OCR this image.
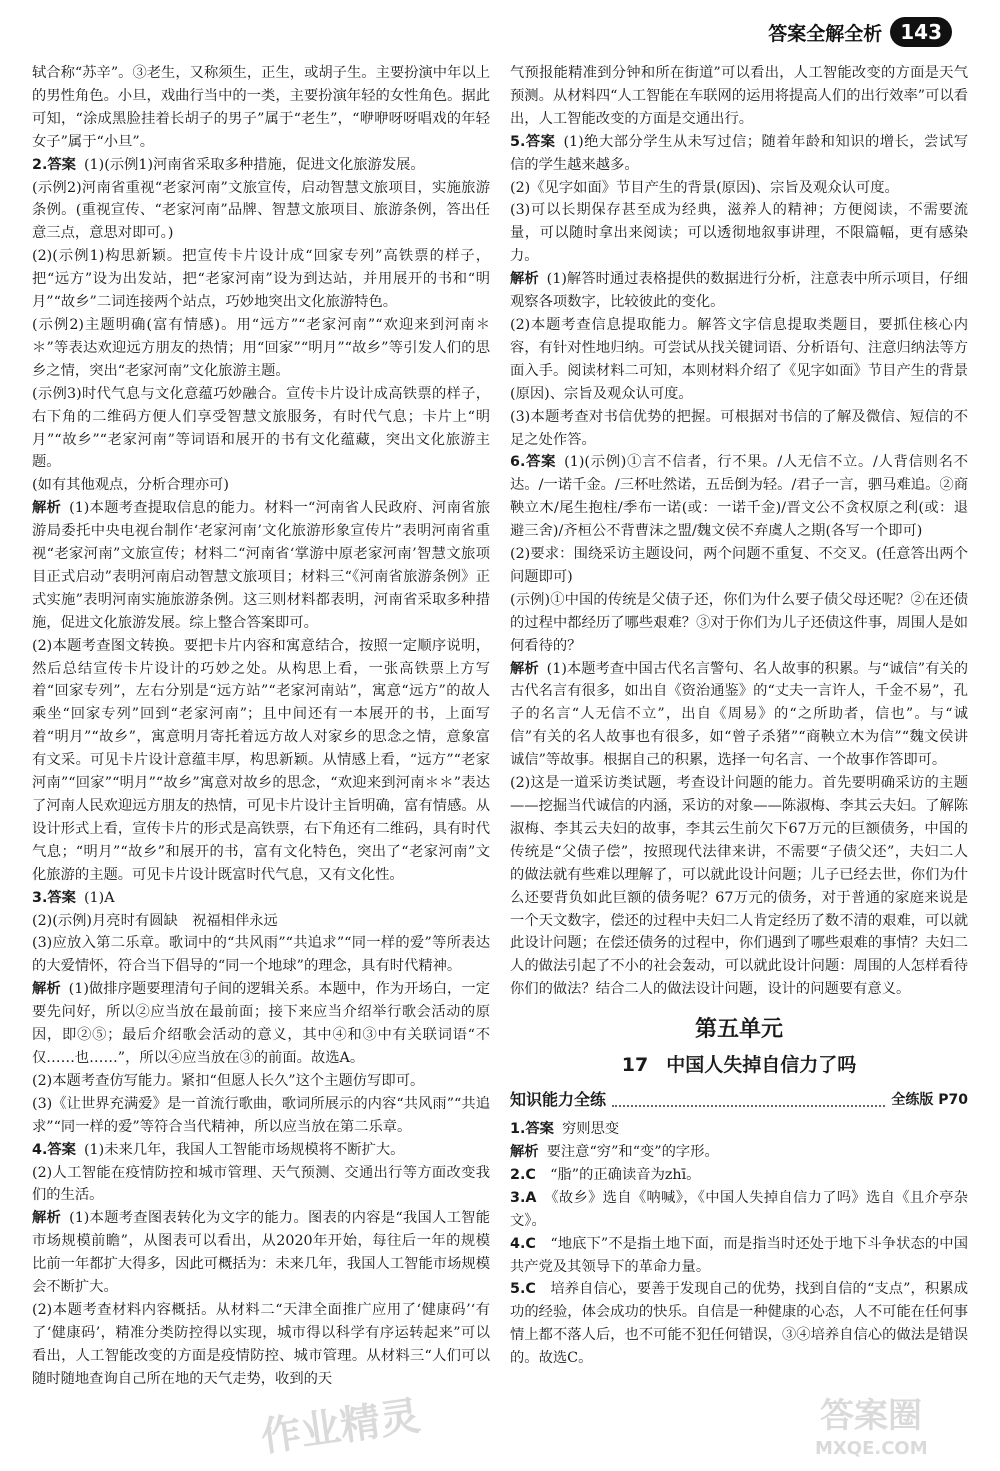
答案全解全析 143

轼合称“苏辛”。③老生，又称须生，正生，或胡子生。主要扮演中年以上的男性角色。小旦，戏曲行当中的一类，主要扮演年轻的女性角色。据此可知，“涂成黑脸挂着长胡子的男子”属于“老生”，“咿咿呀呀唱戏的年轻女子”属于“小旦”。

2.答案 (1)(示例1)河南省采取多种措施，促进文化旅游发展。

(示例2)河南省重视“老家河南”文旅宣传，启动智慧文旅项目，实施旅游条例。(重视宣传、“老家河南”品牌、智慧文旅项目、旅游条例，答出任意三点，意思对即可。)

(2)(示例1)构思新颖。把宣传卡片设计成“回家专列”高铁票的样子，把“远方”设为出发站，把“老家河南”设为到达站，并用展开的书和“明月”“故乡”二词连接两个站点，巧妙地突出文化旅游特色。

(示例2)主题明确(富有情感)。用“远方”“老家河南”“欢迎来到河南＊＊”等表达欢迎远方朋友的热情；用“回家”“明月”“故乡”等引发人们的思乡之情，突出“老家河南”文化旅游主题。

(示例3)时代气息与文化意蕴巧妙融合。宣传卡片设计成高铁票的样子，右下角的二维码方便人们享受智慧文旅服务，有时代气息；卡片上“明月”“故乡”“老家河南”等词语和展开的书有文化蕴藏，突出文化旅游主题。

(如有其他观点，分析合理亦可)

解析 (1)本题考查提取信息的能力。材料一“河南省人民政府、河南省旅游局委托中央电视台制作‘老家河南’文化旅游形象宣传片”表明河南省重视“老家河南”文旅宣传；材料二“河南省‘掌游中原老家河南’智慧文旅项目正式启动”表明河南启动智慧文旅项目；材料三“《河南省旅游条例》正式实施”表明河南实施旅游条例。这三则材料都表明，河南省采取多种措施，促进文化旅游发展。综上整合答案即可。

(2)本题考查图文转换。要把卡片内容和寓意结合，按照一定顺序说明，然后总结宣传卡片设计的巧妙之处。从构思上看，一张高铁票上方写着“回家专列”，左右分别是“远方站”“老家河南站”，寓意“远方”的故人乘坐“回家专列”回到“老家河南”；且中间还有一本展开的书，上面写着“明月”“故乡”，寓意明月寄托着远方故人对家乡的思念之情，意象富有文采。可见卡片设计意蕴丰厚，构思新颖。从情感上看，“远方”“老家河南”“回家”“明月”“故乡”寓意对故乡的思念，“欢迎来到河南＊＊”表达了河南人民欢迎远方朋友的热情，可见卡片设计主旨明确，富有情感。从设计形式上看，宣传卡片的形式是高铁票，右下角还有二维码，具有时代气息；“明月”“故乡”和展开的书，富有文化特色，突出了“老家河南”文化旅游的主题。可见卡片设计既富时代气息，又有文化性。

3.答案 (1)A

(2)(示例)月亮时有圆缺　祝福相伴永远

(3)应放入第二乐章。歌词中的“共风雨”“共追求”“同一样的爱”等所表达的大爱情怀，符合当下倡导的“同一个地球”的理念，具有时代精神。

解析 (1)做排序题要理清句子间的逻辑关系。本题中，作为开场白，一定要先问好，所以②应当放在最前面；接下来应当介绍举行歌会活动的原因，即②⑤；最后介绍歌会活动的意义，其中④和③中有关联词语“不仅……也……”，所以④应当放在③的前面。故选A。

(2)本题考查仿写能力。紧扣“但愿人长久”这个主题仿写即可。

(3)《让世界充满爱》是一首流行歌曲，歌词所展示的内容“共风雨”“共追求”“同一样的爱”等符合当代精神，所以应当放在第二乐章。

4.答案 (1)未来几年，我国人工智能市场规模将不断扩大。

(2)人工智能在疫情防控和城市管理、天气预测、交通出行等方面改变我们的生活。

解析 (1)本题考查图表转化为文字的能力。图表的内容是“我国人工智能市场规模前瞻”，从图表可以看出，从2020年开始，每往后一年的规模比前一年都扩大得多，因此可概括为：未来几年，我国人工智能市场规模会不断扩大。

(2)本题考查材料内容概括。从材料二“天津全面推广应用了‘健康码’‘有了‘健康码’，精准分类防控得以实现，城市得以科学有序运转起来”可以看出，人工智能改变的方面是疫情防控、城市管理。从材料三“人们可以随时随地查询自己所在地的天气走势，收到的天

气预报能精准到分钟和所在街道”可以看出，人工智能改变的方面是天气预测。从材料四“人工智能在车联网的运用将提高人们的出行效率”可以看出，人工智能改变的方面是交通出行。

5.答案 (1)绝大部分学生从未写过信；随着年龄和知识的增长，尝试写信的学生越来越多。

(2)《见字如面》节目产生的背景(原因)、宗旨及观众认可度。

(3)可以长期保存甚至成为经典，滋养人的精神；方便阅读，不需要流量，可以随时拿出来阅读；可以透彻地叙事讲理，不限篇幅，更有感染力。

解析 (1)解答时通过表格提供的数据进行分析，注意表中所示项目，仔细观察各项数字，比较彼此的变化。

(2)本题考查信息提取能力。解答文字信息提取类题目，要抓住核心内容，有针对性地归纳。可尝试从找关键词语、分析语句、注意归纳法等方面入手。阅读材料二可知，本则材料介绍了《见字如面》节目产生的背景(原因)、宗旨及观众认可度。

(3)本题考查对书信优势的把握。可根据对书信的了解及微信、短信的不足之处作答。

6.答案 (1)(示例)①言不信者，行不果。/人无信不立。/人背信则名不达。/一诺千金。/三杯吐然诺，五岳倒为轻。/君子一言，驷马难追。②商鞅立木/尾生抱柱/季布一诺(或：一诺千金)/晋文公不贪权原之利(或：退避三舍)/齐桓公不背曹沫之盟/魏文侯不弃虞人之期(各写一个即可)

(2)要求：围绕采访主题设问，两个问题不重复、不交叉。(任意答出两个问题即可)

(示例)①中国的传统是父债子还，你们为什么要子债父母还呢？②在还债的过程中都经历了哪些艰难？③对于你们为儿子还债这件事，周围人是如何看待的？

解析 (1)本题考查中国古代名言警句、名人故事的积累。与“诚信”有关的古代名言有很多，如出自《资治通鉴》的“丈夫一言许人，千金不易”，孔子的名言“人无信不立”，出自《周易》的“之所助者，信也”。与“诚信”有关的名人故事也有很多，如“曾子杀猪”“商鞅立木为信”“魏文侯讲诚信”等故事。根据自己的积累，选择一句名言、一个故事作答即可。

(2)这是一道采访类试题，考查设计问题的能力。首先要明确采访的主题——挖掘当代诚信的内涵，采访的对象——陈淑梅、李其云夫妇。了解陈淑梅、李其云夫妇的故事，李其云生前欠下67万元的巨额债务，中国的传统是“父债子偿”，按照现代法律来讲，不需要“子债父还”，夫妇二人的做法就有些难以理解了，可以就此设计问题；儿子已经去世，你们为什么还要背负如此巨额的债务呢？67万元的债务，对于普通的家庭来说是一个天文数字，偿还的过程中夫妇二人肯定经历了数不清的艰难，可以就此设计问题；在偿还债务的过程中，你们遇到了哪些艰难的事情？夫妇二人的做法引起了不小的社会轰动，可以就此设计问题：周围的人怎样看待你们的做法？结合二人的做法设计问题，设计的问题要有意义。

第五单元
17 中国人失掉自信力了吗
知识能力全练	全练版 P70

1.答案 穷则思变

解析 要注意“穷”和“变”的字形。

2.C　“脂”的正确读音为zhī。

3.A　《故乡》选自《呐喊》，《中国人失掉自信力了吗》选自《且介亭杂文》。

4.C　“地底下”不是指土地下面，而是指当时还处于地下斗争状态的中国共产党及其领导下的革命力量。

5.C　培养自信心，要善于发现自己的优势，找到自信的“支点”，积累成功的经验，体会成功的快乐。自信是一种健康的心态，人不可能在任何事情上都不落人后，也不可能不犯任何错误，③④培养自信心的做法是错误的。故选C。

作业精灵	答案圈
MXQE.COM
